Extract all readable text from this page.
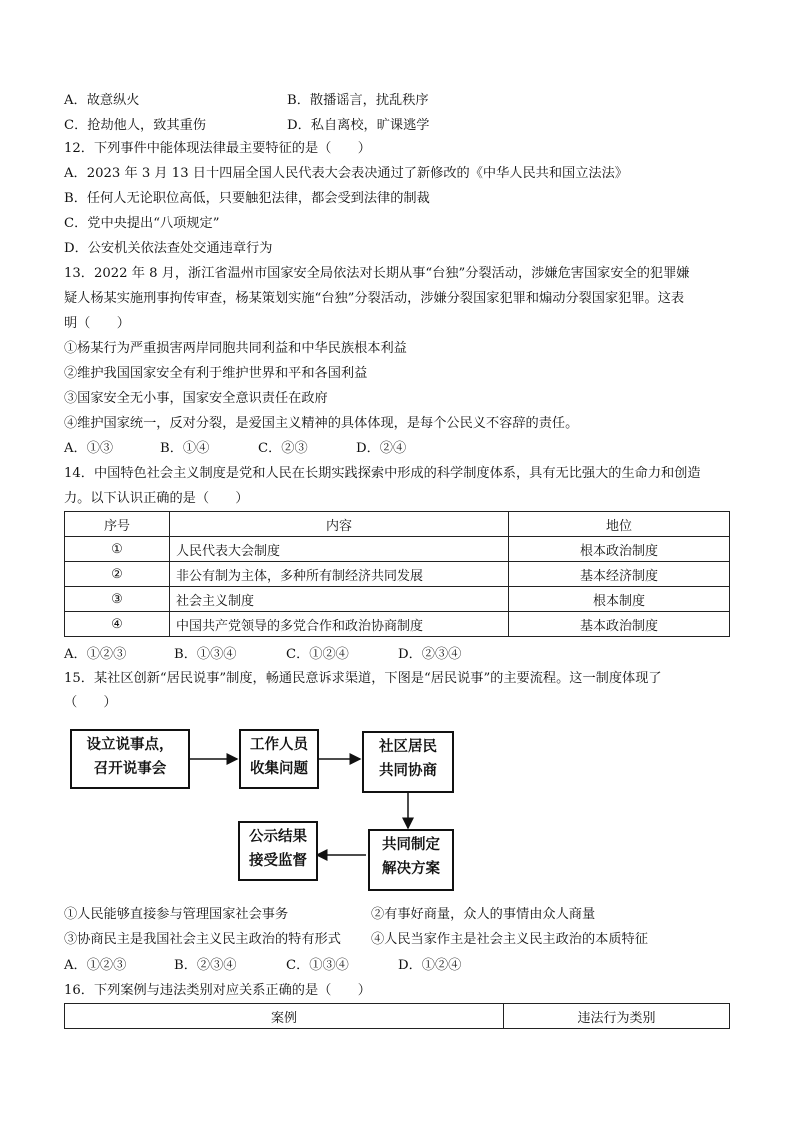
A．故意纵火	B．散播谣言，扰乱秩序
C．抢劫他人，致其重伤	D．私自离校，旷课逃学
12．下列事件中能体现法律最主要特征的是（　　）
A．2023 年 3 月 13 日十四届全国人民代表大会表决通过了新修改的《中华人民共和国立法法》
B．任何人无论职位高低，只要触犯法律，都会受到法律的制裁
C．党中央提出“八项规定”
D．公安机关依法查处交通违章行为
13．2022 年 8 月，浙江省温州市国家安全局依法对长期从事“台独”分裂活动，涉嫌危害国家安全的犯罪嫌
疑人杨某实施刑事拘传审查，杨某策划实施“台独”分裂活动，涉嫌分裂国家犯罪和煽动分裂国家犯罪。这表
明（　　）
①杨某行为严重损害两岸同胞共同利益和中华民族根本利益
②维护我国国家安全有利于维护世界和平和各国利益
③国家安全无小事，国家安全意识责任在政府
④维护国家统一，反对分裂，是爱国主义精神的具体体现，是每个公民义不容辞的责任。
A．①③	B．①④	C．②③	D．②④
14．中国特色社会主义制度是党和人民在长期实践探索中形成的科学制度体系，具有无比强大的生命力和创造
力。以下认识正确的是（　　）
序号	内容	地位
①	人民代表大会制度	根本政治制度
②	非公有制为主体，多种所有制经济共同发展	基本经济制度
③	社会主义制度	根本制度
④	中国共产党领导的多党合作和政治协商制度	基本政治制度
A．①②③	B．①③④	C．①②④	D．②③④
15．某社区创新“居民说事”制度，畅通民意诉求渠道，下图是“居民说事”的主要流程。这一制度体现了
（　　）
设立说事点，
召开说事会
工作人员
收集问题
社区居民
共同协商
共同制定
解决方案
公示结果
接受监督
①人民能够直接参与管理国家社会事务	②有事好商量，众人的事情由众人商量
③协商民主是我国社会主义民主政治的特有形式 ④人民当家作主是社会主义民主政治的本质特征
A．①②③	B．②③④	C．①③④	D．①②④
16．下列案例与违法类别对应关系正确的是（　　）
案例	违法行为类别
